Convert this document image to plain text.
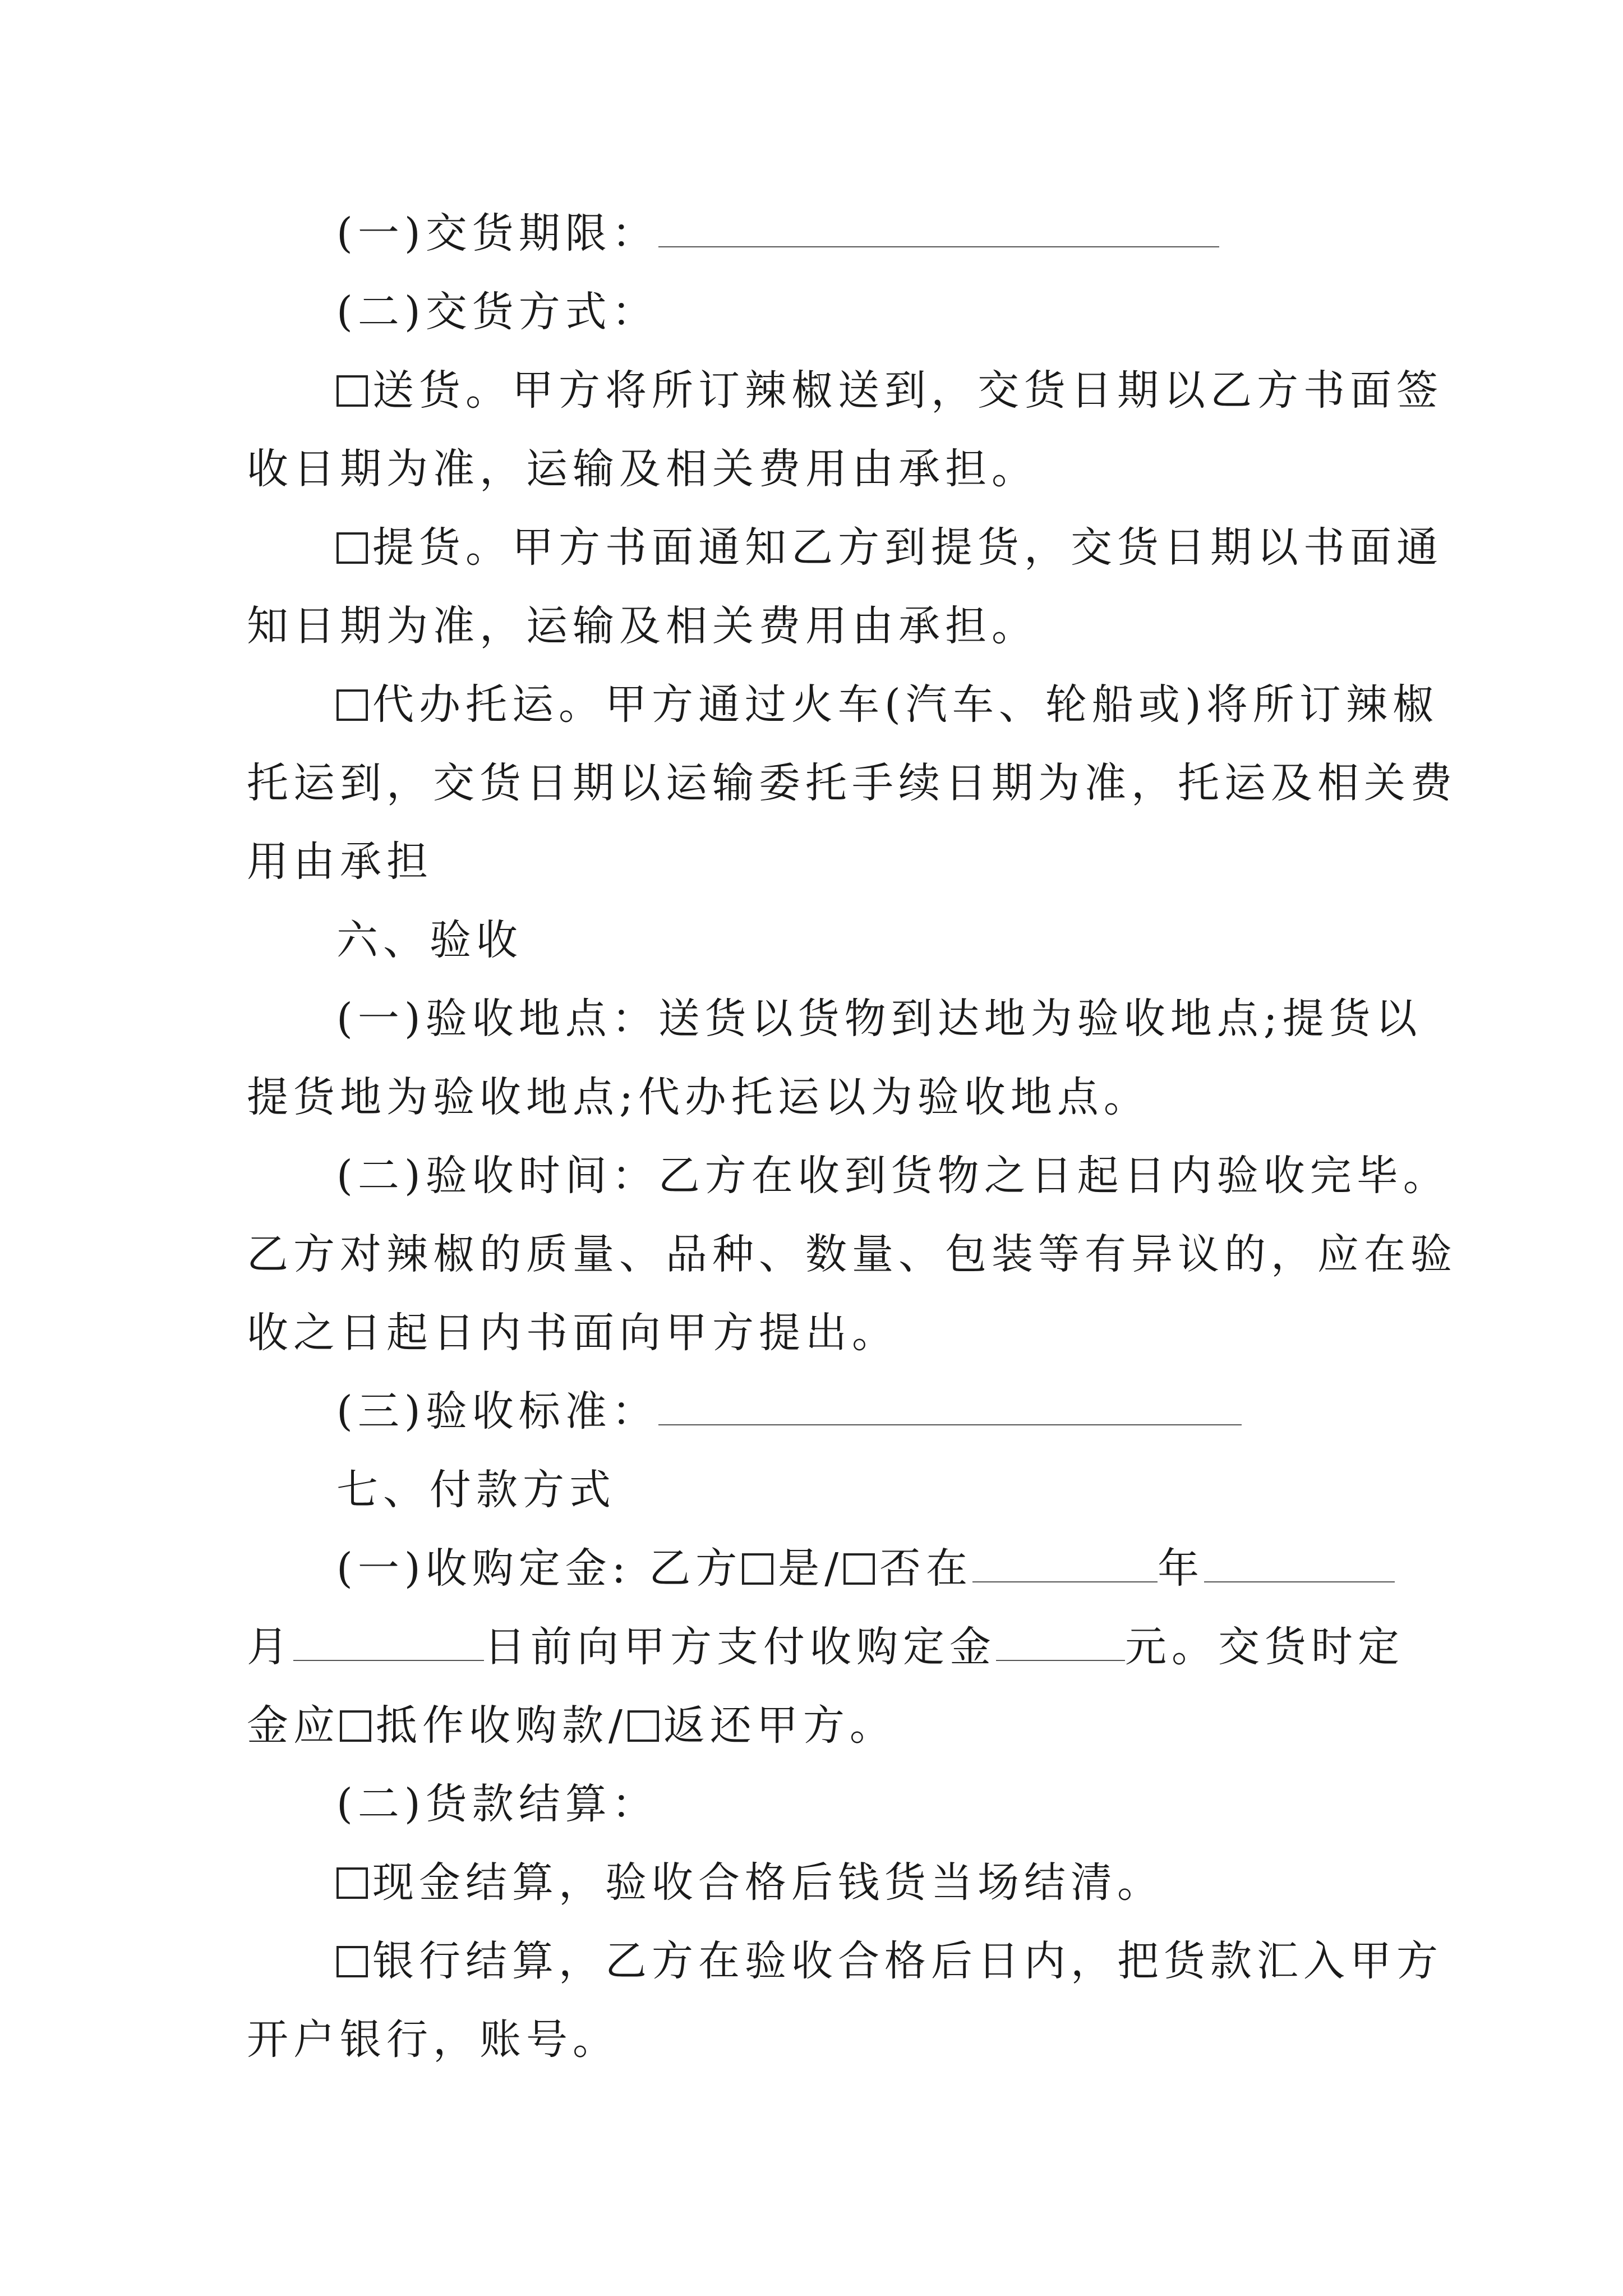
(一)交货期限：
(二)交货方式：
送货。甲方将所订辣椒送到，交货日期以乙方书面签
收日期为准，运输及相关费用由承担。
提货。甲方书面通知乙方到提货，交货日期以书面通
知日期为准，运输及相关费用由承担。
代办托运。甲方通过火车(汽车、轮船或)将所订辣椒
托运到，交货日期以运输委托手续日期为准，托运及相关费
用由承担
六、验收
(一)验收地点：送货以货物到达地为验收地点;提货以
提货地为验收地点;代办托运以为验收地点。
(二)验收时间：乙方在收到货物之日起日内验收完毕。
乙方对辣椒的质量、品种、数量、包装等有异议的，应在验
收之日起日内书面向甲方提出。
(三)验收标准：
七、付款方式
(一)收购定金: 乙方 是/ 否在	年
月	日前向甲方支付收购定金	元。交货时定
金应 抵作收购款/ 返还甲方。
(二)货款结算：
现金结算，验收合格后钱货当场结清。
银行结算，乙方在验收合格后日内，把货款汇入甲方
开户银行，账号。
